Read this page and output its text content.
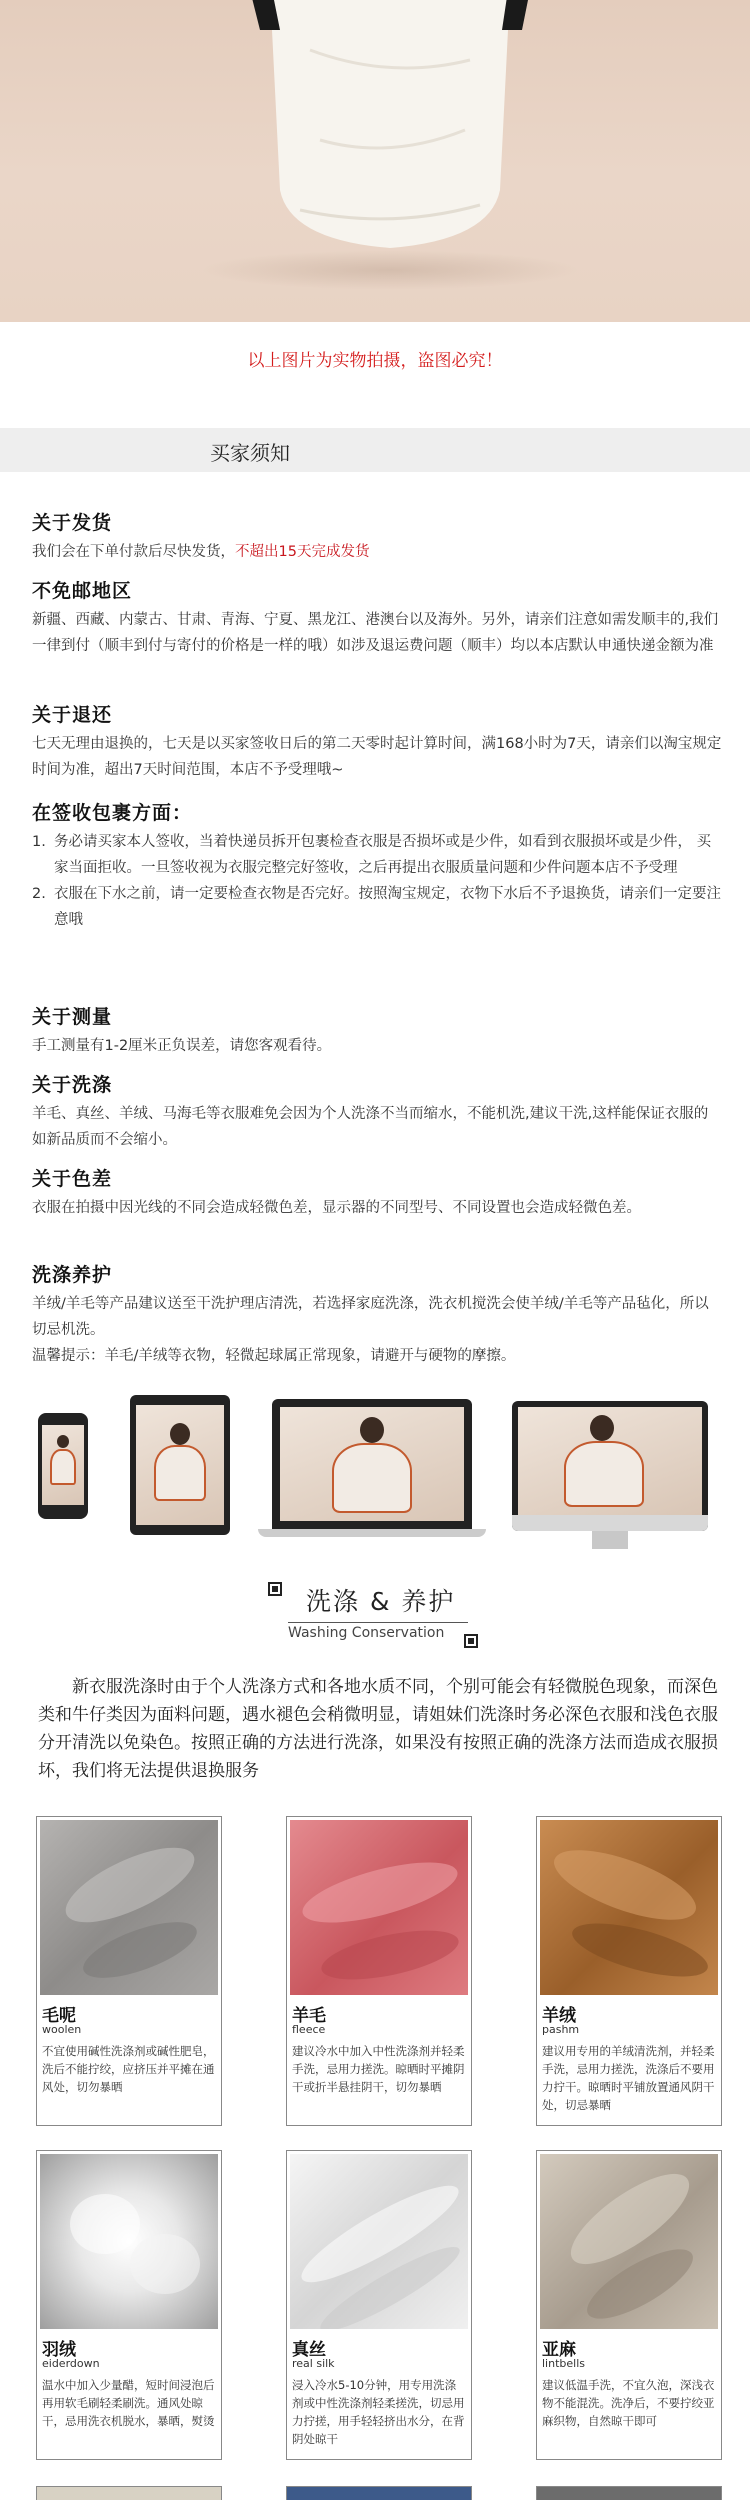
以上图片为实物拍摄，盗图必究！
买家须知
关于发货

我们会在下单付款后尽快发货，不超出15天完成发货

不免邮地区

新疆、西藏、内蒙古、甘肃、青海、宁夏、黑龙江、港澳台以及海外。另外，请亲们注意如需发顺丰的,我们一律到付（顺丰到付与寄付的价格是一样的哦）如涉及退运费问题（顺丰）均以本店默认申通快递金额为准

关于退还

七天无理由退换的，七天是以买家签收日后的第二天零时起计算时间，满168小时为7天，请亲们以淘宝规定时间为准，超出7天时间范围，本店不予受理哦~

在签收包裹方面：
1. 务必请买家本人签收，当着快递员拆开包裹检查衣服是否损坏或是少件，如看到衣服损坏或是少件， 买家当面拒收。一旦签收视为衣服完整完好签收，之后再提出衣服质量问题和少件问题本店不予受理
2. 衣服在下水之前，请一定要检查衣物是否完好。按照淘宝规定，衣物下水后不予退换货，请亲们一定要注意哦
关于测量

手工测量有1-2厘米正负误差，请您客观看待。

关于洗涤

羊毛、真丝、羊绒、马海毛等衣服难免会因为个人洗涤不当而缩水，不能机洗,建议干洗,这样能保证衣服的如新品质而不会缩小。

关于色差

衣服在拍摄中因光线的不同会造成轻微色差，显示器的不同型号、不同设置也会造成轻微色差。

洗涤养护

羊绒/羊毛等产品建议送至干洗护理店清洗，若选择家庭洗涤，洗衣机搅洗会使羊绒/羊毛等产品毡化，所以切忌机洗。

温馨提示：羊毛/羊绒等衣物，轻微起球属正常现象，请避开与硬物的摩擦。

洗涤 & 养护
Washing Conservation
新衣服洗涤时由于个人洗涤方式和各地水质不同，个别可能会有轻微脱色现象，而深色类和牛仔类因为面料问题，遇水褪色会稍微明显，请姐妹们洗涤时务必深色衣服和浅色衣服分开清洗以免染色。按照正确的方法进行洗涤，如果没有按照正确的洗涤方法而造成衣服损坏，我们将无法提供退换服务
毛呢
woolen
不宜使用碱性洗涤剂或碱性肥皂，洗后不能拧绞，应挤压并平摊在通风处，切勿暴晒
羊毛
fleece
建议冷水中加入中性洗涤剂并轻柔手洗，忌用力搓洗。晾晒时平摊阴干或折半悬挂阴干，切勿暴晒
羊绒
pashm
建议用专用的羊绒清洗剂，并轻柔手洗，忌用力搓洗，洗涤后不要用力拧干。晾晒时平铺放置通风阴干处，切忌暴晒
羽绒
eiderdown
温水中加入少量醋，短时间浸泡后再用软毛刷轻柔刷洗。通风处晾干，忌用洗衣机脱水，暴晒，熨烫
真丝
real silk
浸入冷水5-10分钟，用专用洗涤剂或中性洗涤剂轻柔搓洗，切忌用力拧搓，用手轻轻挤出水分，在背阴处晾干
亚麻
lintbells
建议低温手洗，不宜久泡，深浅衣物不能混洗。洗净后，不要拧绞亚麻织物，自然晾干即可
